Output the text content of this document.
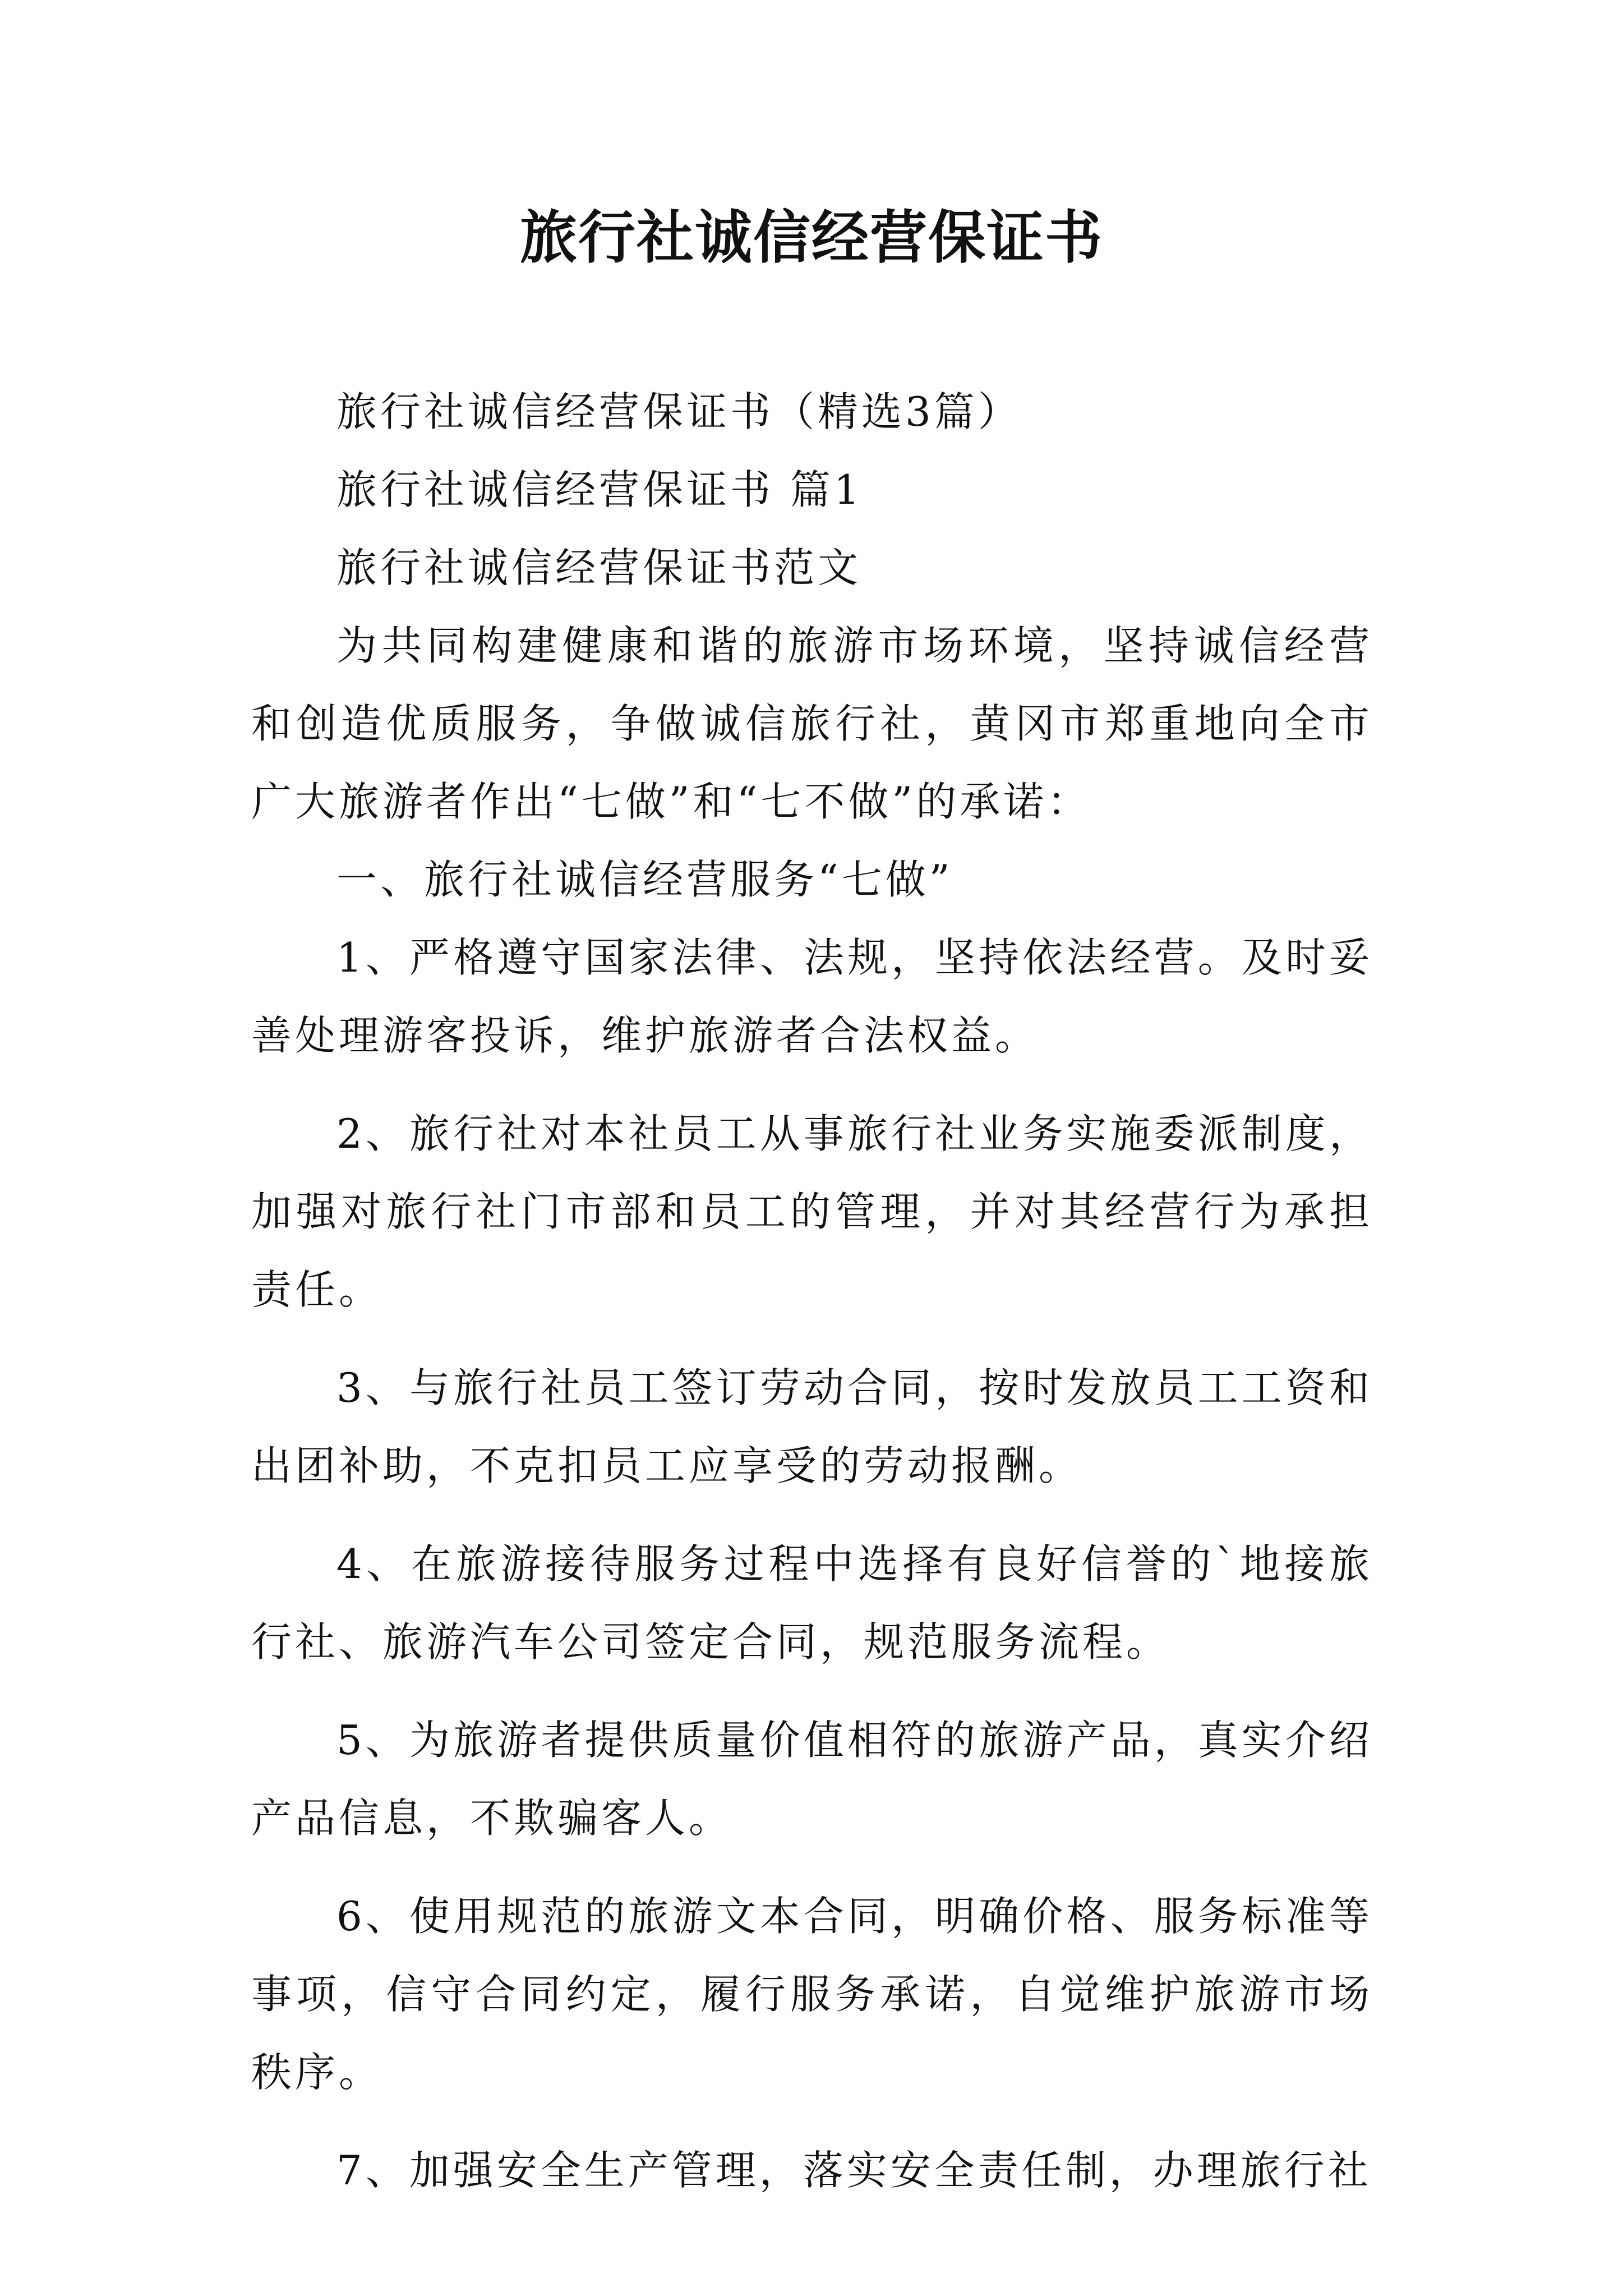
旅行社诚信经营保证书

旅行社诚信经营保证书（精选3篇）

旅行社诚信经营保证书 篇1

旅行社诚信经营保证书范文

为共同构建健康和谐的旅游市场环境，坚持诚信经营和创造优质服务，争做诚信旅行社，黄冈市郑重地向全市广大旅游者作出“七做”和“七不做”的承诺：

一、旅行社诚信经营服务“七做”

1、严格遵守国家法律、法规，坚持依法经营。及时妥善处理游客投诉，维护旅游者合法权益。

2、旅行社对本社员工从事旅行社业务实施委派制度，加强对旅行社门市部和员工的管理，并对其经营行为承担责任。

3、与旅行社员工签订劳动合同，按时发放员工工资和出团补助，不克扣员工应享受的劳动报酬。

4、在旅游接待服务过程中选择有良好信誉的`地接旅行社、旅游汽车公司签定合同，规范服务流程。

5、为旅游者提供质量价值相符的旅游产品，真实介绍产品信息，不欺骗客人。

6、使用规范的旅游文本合同，明确价格、服务标准等事项，信守合同约定，履行服务承诺，自觉维护旅游市场秩序。

7、加强安全生产管理，落实安全责任制，办理旅行社
